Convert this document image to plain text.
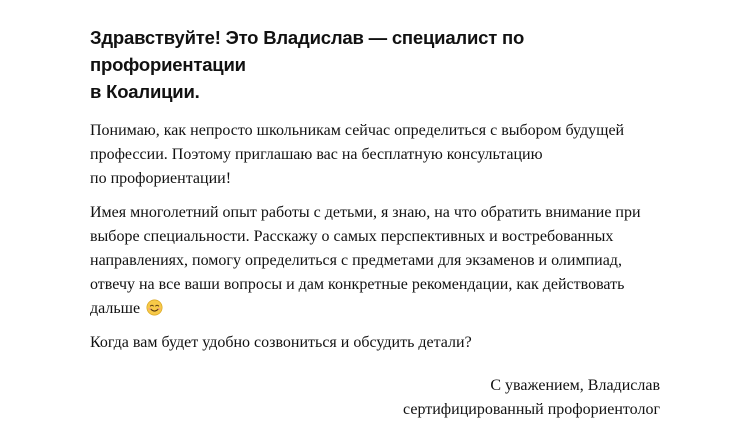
Здравствуйте! Это Владислав — специалист по профориентации
в Коалиции.

Понимаю, как непросто школьникам сейчас определиться с выбором будущей
профессии. Поэтому приглашаю вас на бесплатную консультацию
по профориентации!

Имея многолетний опыт работы с детьми, я знаю, на что обратить внимание при
выборе специальности. Расскажу о самых перспективных и востребованных
направлениях, помогу определиться с предметами для экзаменов и олимпиад,
отвечу на все ваши вопросы и дам конкретные рекомендации, как действовать
дальше

Когда вам будет удобно созвониться и обсудить детали?

С уважением, Владислав
сертифицированный профориентолог
